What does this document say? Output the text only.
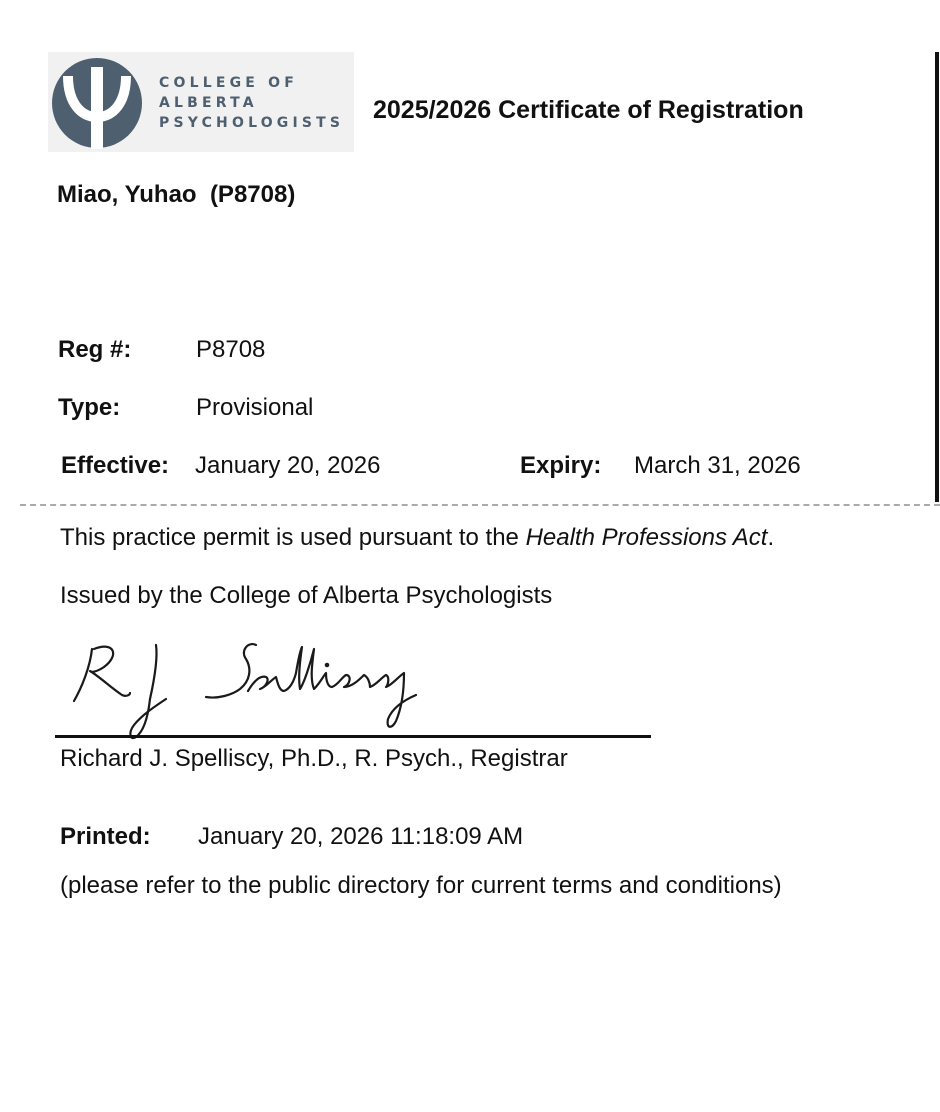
COLLEGE OF
ALBERTA
PSYCHOLOGISTS 2025/2026 Certificate of Registration
Miao, Yuhao (P8708)
Reg #:	P8708
Type:	Provisional
Effective: January 20, 2026	Expiry: March 31, 2026
This practice permit is used pursuant to the Health Professions Act.
Issued by the College of Alberta Psychologists
Richard J. Spelliscy, Ph.D., R. Psych., Registrar
Printed: January 20, 2026 11:18:09 AM
(please refer to the public directory for current terms and conditions)
